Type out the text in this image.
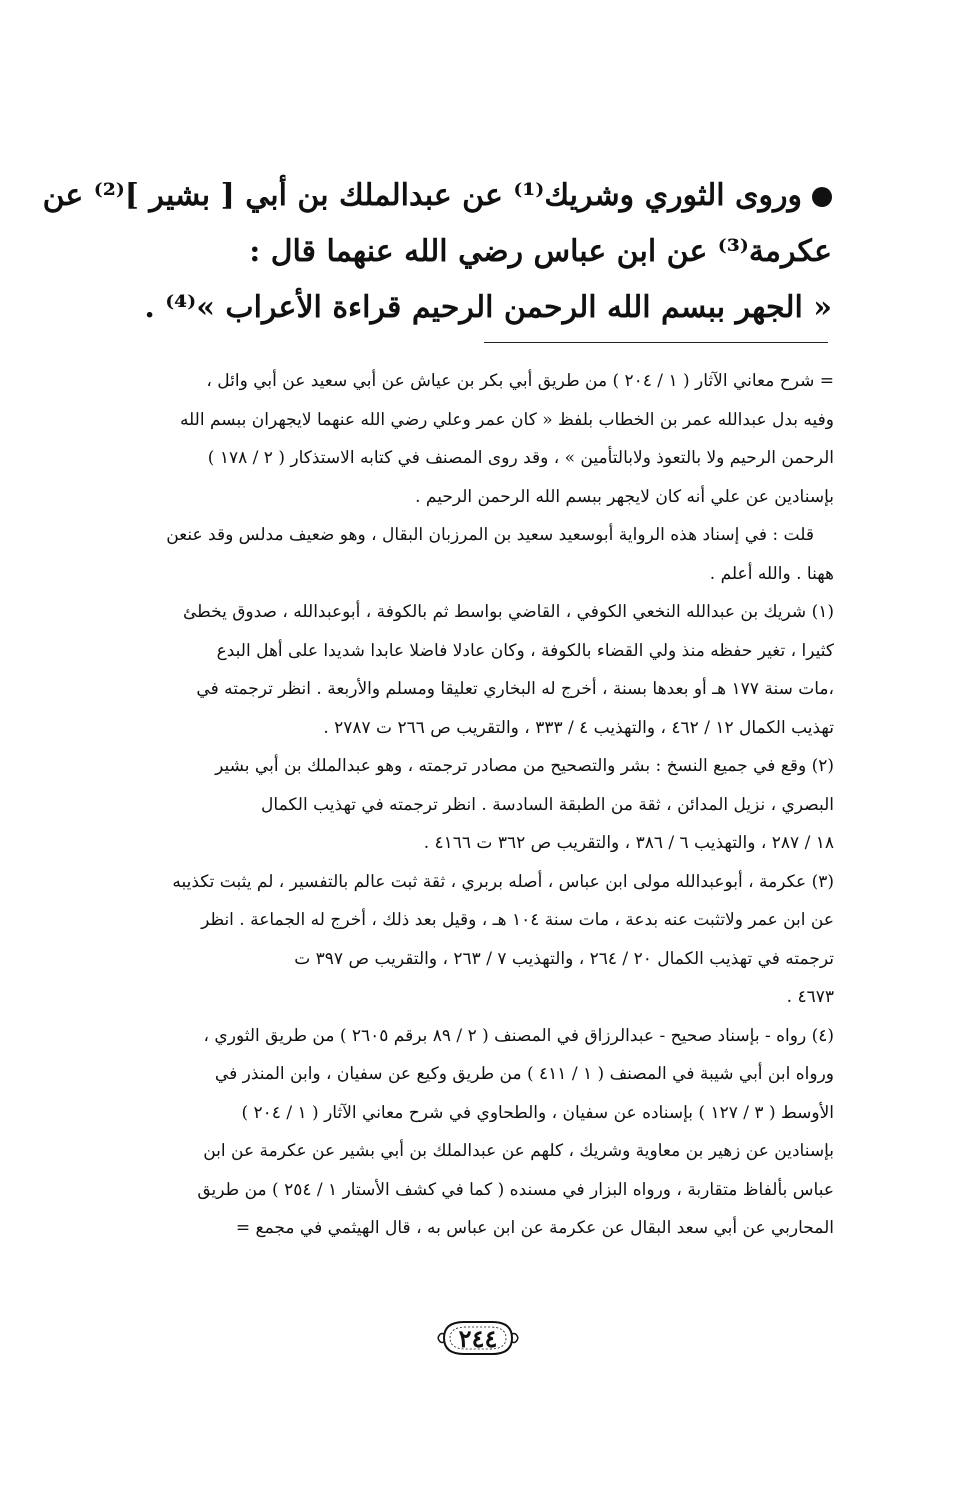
وروى الثوري وشريك⁽¹⁾ عن عبدالملك بن أبي [ بشير ]⁽²⁾ عن
عكرمة⁽³⁾ عن ابن عباس رضي الله عنهما قال :
« الجهر ببسم الله الرحمن الرحيم قراءة الأعراب »⁽⁴⁾ .
= شرح معاني الآثار ( ١ / ٢٠٤ ) من طريق أبي بكر بن عياش عن أبي سعيد عن أبي وائل ،
وفيه بدل عبدالله عمر بن الخطاب بلفظ « كان عمر وعلي رضي الله عنهما لايجهران ببسم الله
الرحمن الرحيم ولا بالتعوذ ولابالتأمين » ، وقد روى المصنف في كتابه الاستذكار ( ٢ / ١٧٨ )
بإسنادين عن علي أنه كان لايجهر ببسم الله الرحمن الرحيم .
قلت : في إسناد هذه الرواية أبوسعيد سعيد بن المرزبان البقال ، وهو ضعيف مدلس وقد عنعن
ههنا . والله أعلم .
(١) شريك بن عبدالله النخعي الكوفي ، القاضي بواسط ثم بالكوفة ، أبوعبدالله ، صدوق يخطئ
كثيرا ، تغير حفظه منذ ولي القضاء بالكوفة ، وكان عادلا فاضلا عابدا شديدا على أهل البدع
،مات سنة ١٧٧ هـ أو بعدها بسنة ، أخرج له البخاري تعليقا ومسلم والأربعة . انظر ترجمته في
تهذيب الكمال ١٢ / ٤٦٢ ، والتهذيب ٤ / ٣٣٣ ، والتقريب ص ٢٦٦ ت ٢٧٨٧ .
(٢) وقع في جميع النسخ : بشر والتصحيح من مصادر ترجمته ، وهو عبدالملك بن أبي بشير
البصري ، نزيل المدائن ، ثقة من الطبقة السادسة . انظر ترجمته في تهذيب الكمال
١٨ / ٢٨٧ ، والتهذيب ٦ / ٣٨٦ ، والتقريب ص ٣٦٢ ت ٤١٦٦ .
(٣) عكرمة ، أبوعبدالله مولى ابن عباس ، أصله بربري ، ثقة ثبت عالم بالتفسير ، لم يثبت تكذيبه
عن ابن عمر ولاتثبت عنه بدعة ، مات سنة ١٠٤ هـ ، وقيل بعد ذلك ، أخرج له الجماعة . انظر
ترجمته في تهذيب الكمال ٢٠ / ٢٦٤ ، والتهذيب ٧ / ٢٦٣ ، والتقريب ص ٣٩٧ ت
٤٦٧٣ .
(٤) رواه - بإسناد صحيح - عبدالرزاق في المصنف ( ٢ / ٨٩ برقم ٢٦٠٥ ) من طريق الثوري ،
ورواه ابن أبي شيبة في المصنف ( ١ / ٤١١ ) من طريق وكيع عن سفيان ، وابن المنذر في
الأوسط ( ٣ / ١٢٧ ) بإسناده عن سفيان ، والطحاوي في شرح معاني الآثار ( ١ / ٢٠٤ )
بإسنادين عن زهير بن معاوية وشريك ، كلهم عن عبدالملك بن أبي بشير عن عكرمة عن ابن
عباس بألفاظ متقاربة ، ورواه البزار في مسنده ( كما في كشف الأستار ١ / ٢٥٤ ) من طريق
المحاربي عن أبي سعد البقال عن عكرمة عن ابن عباس به ، قال الهيثمي في مجمع =
٢٤٤
